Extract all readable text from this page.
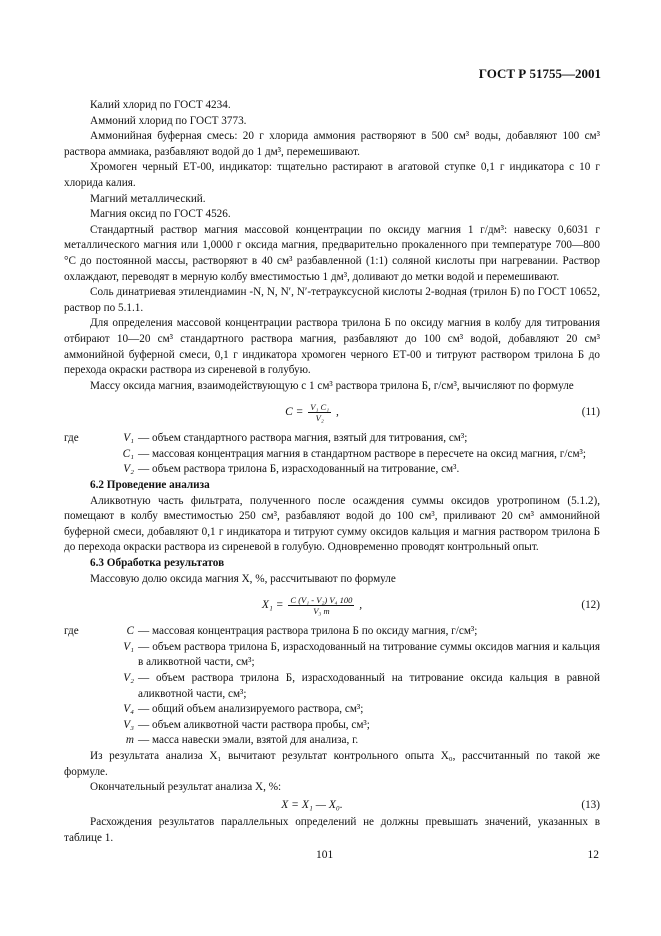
ГОСТ Р 51755—2001

Калий хлорид по ГОСТ 4234.

Аммоний хлорид по ГОСТ 3773.

Аммонийная буферная смесь: 20 г хлорида аммония растворяют в 500 см³ воды, добавляют 100 см³ раствора аммиака, разбавляют водой до 1 дм³, перемешивают.

Хромоген черный ЕТ-00, индикатор: тщательно растирают в агатовой ступке 0,1 г индикатора с 10 г хлорида калия.

Магний металлический.

Магния оксид по ГОСТ 4526.

Стандартный раствор магния массовой концентрации по оксиду магния 1 г/дм³: навеску 0,6031 г металлического магния или 1,0000 г оксида магния, предварительно прокаленного при температуре 700—800 °С до постоянной массы, растворяют в 40 см³ разбавленной (1:1) соляной кислоты при нагревании. Раствор охлаждают, переводят в мерную колбу вместимостью 1 дм³, доливают до метки водой и перемешивают.

Соль динатриевая этилендиамин -N, N, N′, N′-тетрауксусной кислоты 2-водная (трилон Б) по ГОСТ 10652, раствор по 5.1.1.

Для определения массовой концентрации раствора трилона Б по оксиду магния в колбу для титрования отбирают 10—20 см³ стандартного раствора магния, разбавляют до 100 см³ водой, добавляют 20 см³ аммонийной буферной смеси, 0,1 г индикатора хромоген черного ЕТ-00 и титруют раствором трилона Б до перехода окраски раствора из сиреневой в голубую.

Массу оксида магния, взаимодействующую с 1 см³ раствора трилона Б, г/см³, вычисляют по формуле

$C = \frac{\text{V₁ C₁}}{\text{V₂}}$ ,	(11)
где	V₁ — объем стандартного раствора магния, взятый для титрования, см³;
C₁ — массовая концентрация магния в стандартном растворе в пересчете на оксид магния, г/см³;
V₂ — объем раствора трилона Б, израсходованный на титрование, см³.

6.2 Проведение анализа

Аликвотную часть фильтрата, полученного после осаждения суммы оксидов уротропином (5.1.2), помещают в колбу вместимостью 250 см³, разбавляют водой до 100 см³, приливают 20 см³ аммонийной буферной смеси, добавляют 0,1 г индикатора и титруют сумму оксидов кальция и магния раствором трилона Б до перехода окраски раствора из сиреневой в голубую. Одновременно проводят контрольный опыт.

6.3 Обработка результатов

Массовую долю оксида магния X, %, рассчитывают по формуле

$X_1 = \frac{\text{C (V₁ - V₂) V₄ 100}}{\text{V₃ m}}$ ,	(12)
где	C — массовая концентрация раствора трилона Б по оксиду магния, г/см³;
V₁ — объем раствора трилона Б, израсходованный на титрование суммы оксидов магния и кальция в аликвотной части, см³;
V₂ — объем раствора трилона Б, израсходованный на титрование оксида кальция в равной аликвотной части, см³;
V₄ — общий объем анализируемого раствора, см³;
V₃ — объем аликвотной части раствора пробы, см³;
m — масса навески эмали, взятой для анализа, г.

Из результата анализа X₁ вычитают результат контрольного опыта X₀, рассчитанный по такой же формуле.

Окончательный результат анализа X, %:

X = X₁ — X₀.	(13)

Расхождения результатов параллельных определений не должны превышать значений, указанных в таблице 1.

101	12
